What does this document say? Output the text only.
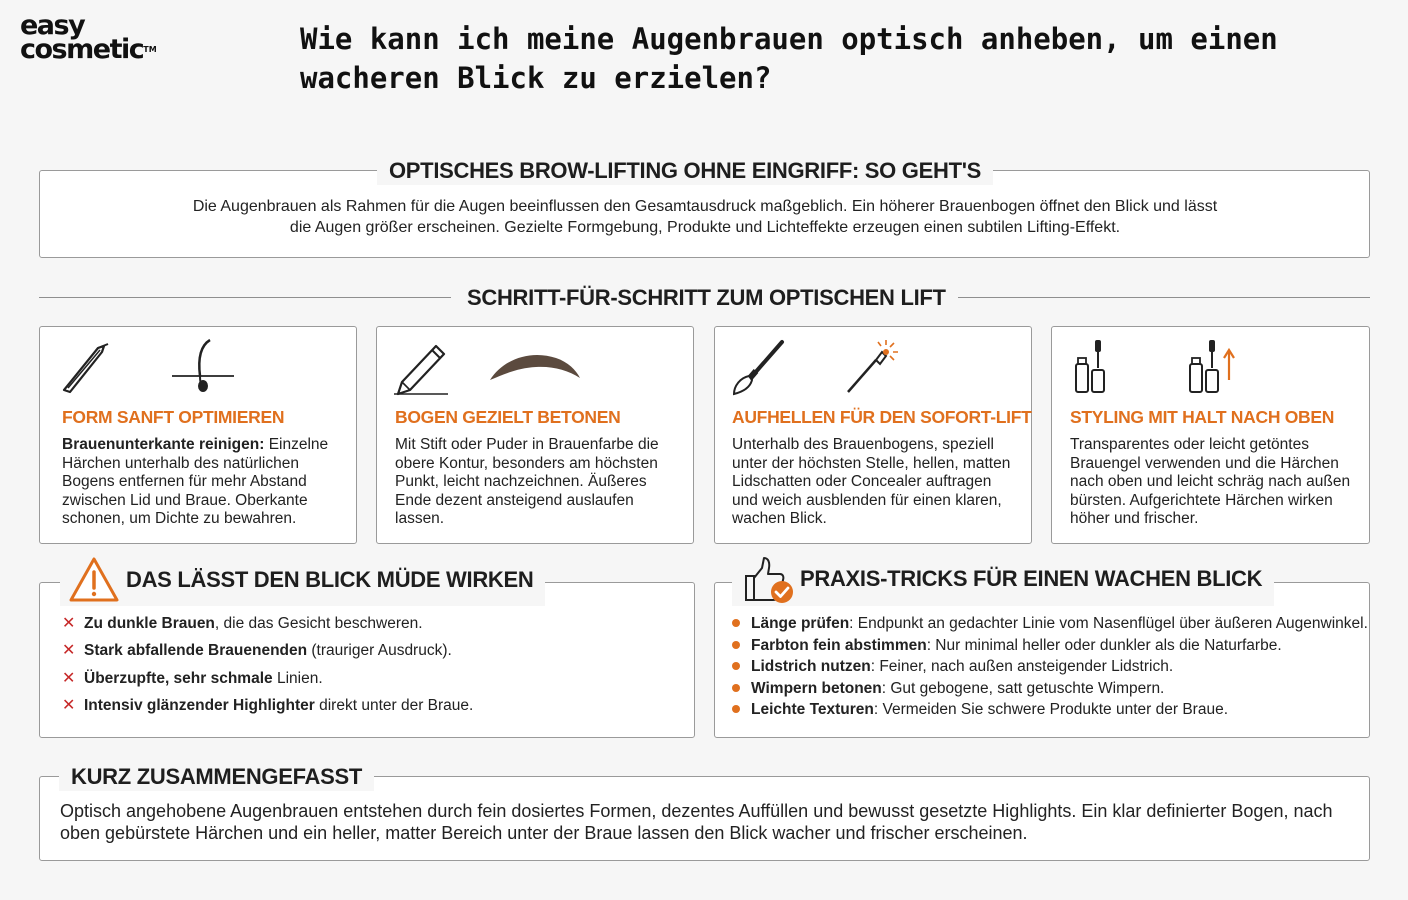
easy
cosmetic™	Wie kann ich meine Augenbrauen optisch anheben, um einen wacheren Blick zu erzielen?
OPTISCHES BROW-LIFTING OHNE EINGRIFF: SO GEHT'S

Die Augenbrauen als Rahmen für die Augen beeinflussen den Gesamtausdruck maßgeblich. Ein höherer Brauenbogen öffnet den Blick und lässt die Augen größer erscheinen. Gezielte Formgebung, Produkte und Lichteffekte erzeugen einen subtilen Lifting-Effekt.

SCHRITT-FÜR-SCHRITT ZUM OPTISCHEN LIFT
FORM SANFT OPTIMIEREN	BOGEN GEZIELT BETONEN	AUFHELLEN FÜR DEN SOFORT-LIFT STYLING MIT HALT NACH OBEN

Brauenunterkante reinigen: Einzelne Härchen unterhalb des natürlichen Bogens entfernen für mehr Abstand zwischen Lid und Braue. Oberkante schonen, um Dichte zu bewahren.

Mit Stift oder Puder in Brauenfarbe die obere Kontur, besonders am höchsten Punkt, leicht nachzeichnen. Äußeres Ende dezent ansteigend auslaufen lassen.

Unterhalb des Brauenbogens, speziell unter der höchsten Stelle, hellen, matten Lidschatten oder Concealer auftragen und weich ausblenden für einen klaren, wachen Blick.

Transparentes oder leicht getöntes Brauengel verwenden und die Härchen nach oben und leicht schräg nach außen bürsten. Aufgerichtete Härchen wirken höher und frischer.

DAS LÄSST DEN BLICK MÜDE WIRKEN
✕ Zu dunkle Brauen, die das Gesicht beschweren.
✕ Stark abfallende Brauenenden (trauriger Ausdruck).
✕ Überzupfte, sehr schmale Linien.
✕ Intensiv glänzender Highlighter direkt unter der Braue.
PRAXIS-TRICKS FÜR EINEN WACHEN BLICK
Länge prüfen: Endpunkt an gedachter Linie vom Nasenflügel über äußeren Augenwinkel.
Farbton fein abstimmen: Nur minimal heller oder dunkler als die Naturfarbe.
Lidstrich nutzen: Feiner, nach außen ansteigender Lidstrich.
Wimpern betonen: Gut gebogene, satt getuschte Wimpern.
Leichte Texturen: Vermeiden Sie schwere Produkte unter der Braue.
KURZ ZUSAMMENGEFASST

Optisch angehobene Augenbrauen entstehen durch fein dosiertes Formen, dezentes Auffüllen und bewusst gesetzte Highlights. Ein klar definierter Bogen, nach oben gebürstete Härchen und ein heller, matter Bereich unter der Braue lassen den Blick wacher und frischer erscheinen.
